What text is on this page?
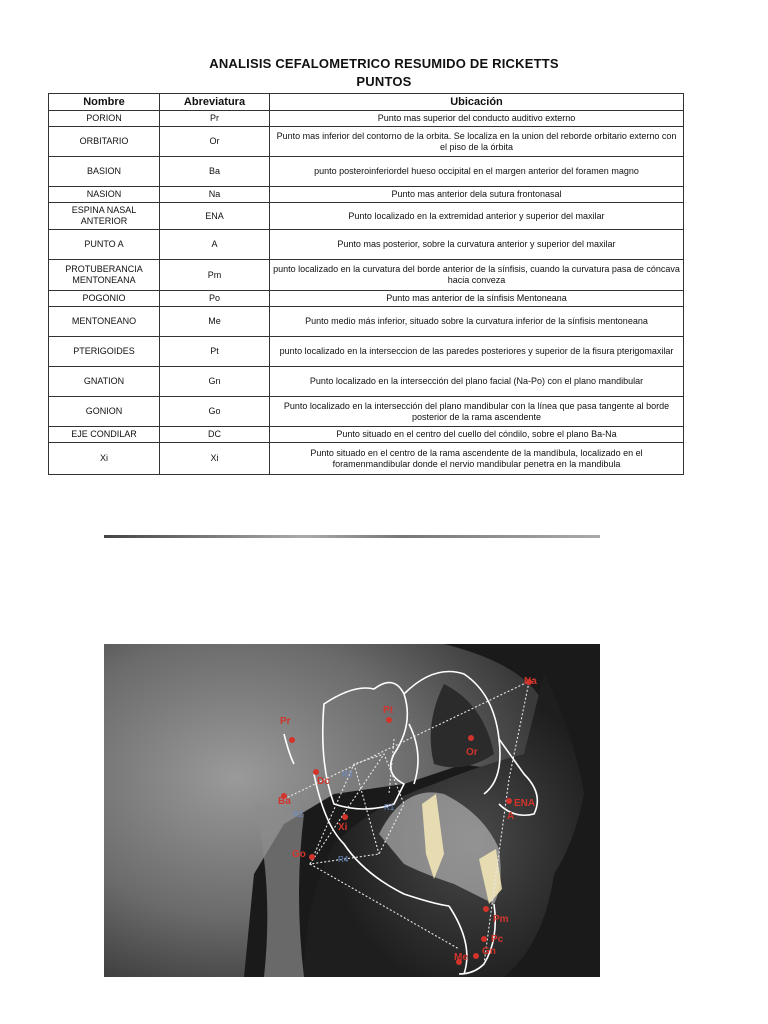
ANALISIS CEFALOMETRICO RESUMIDO DE RICKETTS
PUNTOS
Nombre	Abreviatura	Ubicación
PORION	Pr	Punto mas superior del conducto auditivo externo
ORBITARIO	Or	Punto mas inferior del contorno de la orbita. Se localiza en la union del reborde orbitario externo con el piso de la órbita
BASION	Ba	punto posteroinferiordel hueso occipital en el margen anterior del foramen magno
NASION	Na	Punto mas anterior dela sutura frontonasal
ESPINA NASAL ANTERIOR	ENA	Punto localizado en la extremidad anterior y superior del maxilar
PUNTO A	A	Punto mas posterior, sobre la curvatura anterior y superior del maxilar
PROTUBERANCIA MENTONEANA	Pm	punto localizado en la curvatura del borde anterior de la sínfisis, cuando la curvatura pasa de cóncava hacia conveza
POGONIO	Po	Punto mas anterior de la sínfisis Mentoneana
MENTONEANO	Me	Punto medio más inferior, situado sobre la curvatura inferior de la sínfisis mentoneana
PTERIGOIDES	Pt	punto localizado en la interseccion de las paredes posteriores y superior de la fisura pterigomaxilar
GNATION	Gn	Punto localizado en la intersección del plano facial (Na-Po) con el plano mandibular
GONION	Go	Punto localizado en la intersección del plano mandibular con la línea que pasa tangente al borde posterior de la rama ascendente
EJE CONDILAR	DC	Punto situado en el centro del cuello del cóndilo, sobre el plano Ba-Na
Xi	Xi	Punto situado en el centro de la rama ascendente de la mandíbula, localizado en el foramenmandibular donde el nervio mandibular penetra en la mandibula
Na
Pr
Pt
Or
Dc
R3
Ba	ENA
A
R2
R1
Xi
Go	R4
Pm
Pc
Gn
Me
